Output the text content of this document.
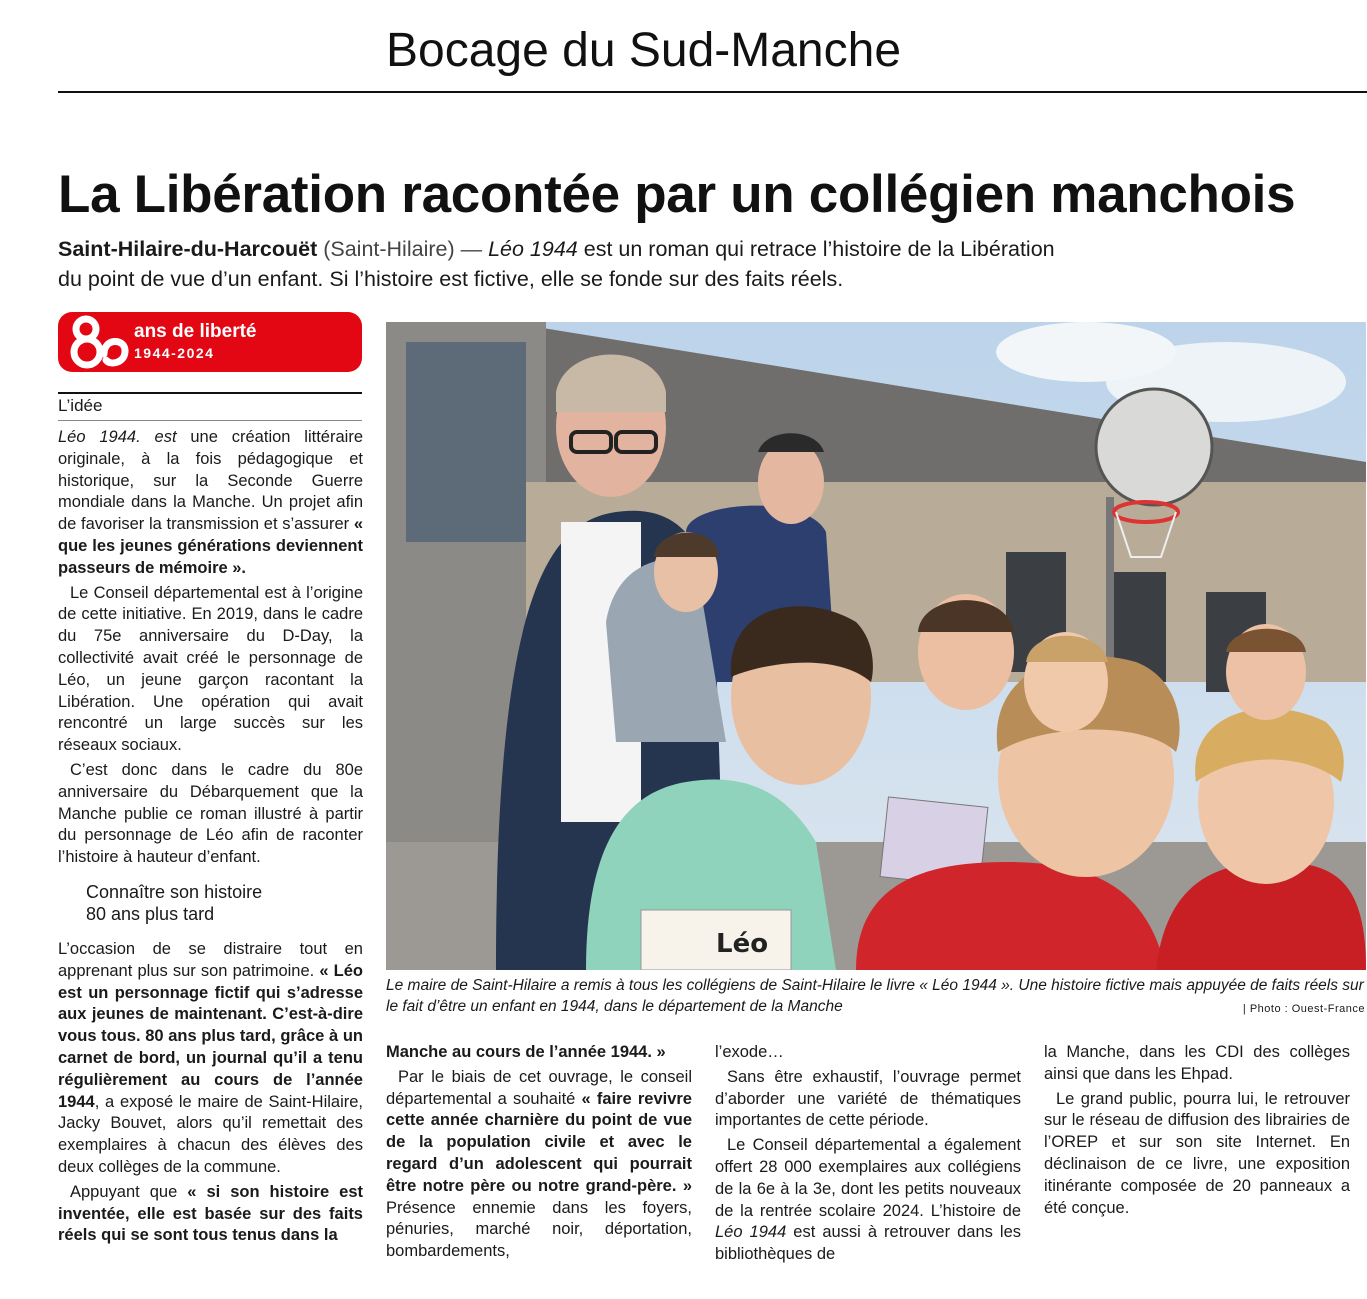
Bocage du Sud-Manche
La Libération racontée par un collégien manchois

Saint-Hilaire-du-Harcouët (Saint-Hilaire) — Léo 1944 est un roman qui retrace l’histoire de la Libération

du point de vue d’un enfant. Si l’histoire est fictive, elle se fonde sur des faits réels.

ans de liberté
1944-2024
L’idée

Léo 1944. est une création littéraire originale, à la fois pédagogique et historique, sur la Seconde Guerre mondiale dans la Manche. Un projet afin de favoriser la transmission et s’assurer « que les jeunes générations deviennent passeurs de mémoire ».

Le Conseil départemental est à l’origine de cette initiative. En 2019, dans le cadre du 75e anniversaire du D-Day, la collectivité avait créé le personnage de Léo, un jeune garçon racontant la Libération. Une opération qui avait rencontré un large succès sur les réseaux sociaux.

C’est donc dans le cadre du 80e anniversaire du Débarquement que la Manche publie ce roman illustré à partir du personnage de Léo afin de raconter l’histoire à hauteur d’enfant.

Connaître son histoire
80 ans plus tard

L’occasion de se distraire tout en apprenant plus sur son patrimoine. « Léo est un personnage fictif qui s’adresse aux jeunes de maintenant. C’est-à-dire vous tous. 80 ans plus tard, grâce à un carnet de bord, un journal qu’il a tenu régulièrement au cours de l’année 1944, a exposé le maire de Saint-Hilaire, Jacky Bouvet, alors qu’il remettait des exemplaires à chacun des élèves des deux collèges de la commune.

Appuyant que « si son histoire est inventée, elle est basée sur des faits réels qui se sont tous tenus dans la

Léo
Le maire de Saint-Hilaire a remis à tous les collégiens de Saint-Hilaire le livre « Léo 1944 ». Une histoire fictive mais appuyée de faits réels sur le fait d’être un enfant en 1944, dans le département de la Manche	| Photo : Ouest-France

Manche au cours de l’année 1944. »

Par le biais de cet ouvrage, le conseil départemental a souhaité « faire revivre cette année charnière du point de vue de la population civile et avec le regard d’un adolescent qui pourrait être notre père ou notre grand-père. » Présence ennemie dans les foyers, pénuries, marché noir, déportation, bombardements,

l’exode…

Sans être exhaustif, l’ouvrage permet d’aborder une variété de thématiques importantes de cette période.

Le Conseil départemental a également offert 28 000 exemplaires aux collégiens de la 6e à la 3e, dont les petits nouveaux de la rentrée scolaire 2024. L’histoire de Léo 1944 est aussi à retrouver dans les bibliothèques de

la Manche, dans les CDI des collèges ainsi que dans les Ehpad.

Le grand public, pourra lui, le retrouver sur le réseau de diffusion des librairies de l’OREP et sur son site Internet. En déclinaison de ce livre, une exposition itinérante composée de 20 panneaux a été conçue.
